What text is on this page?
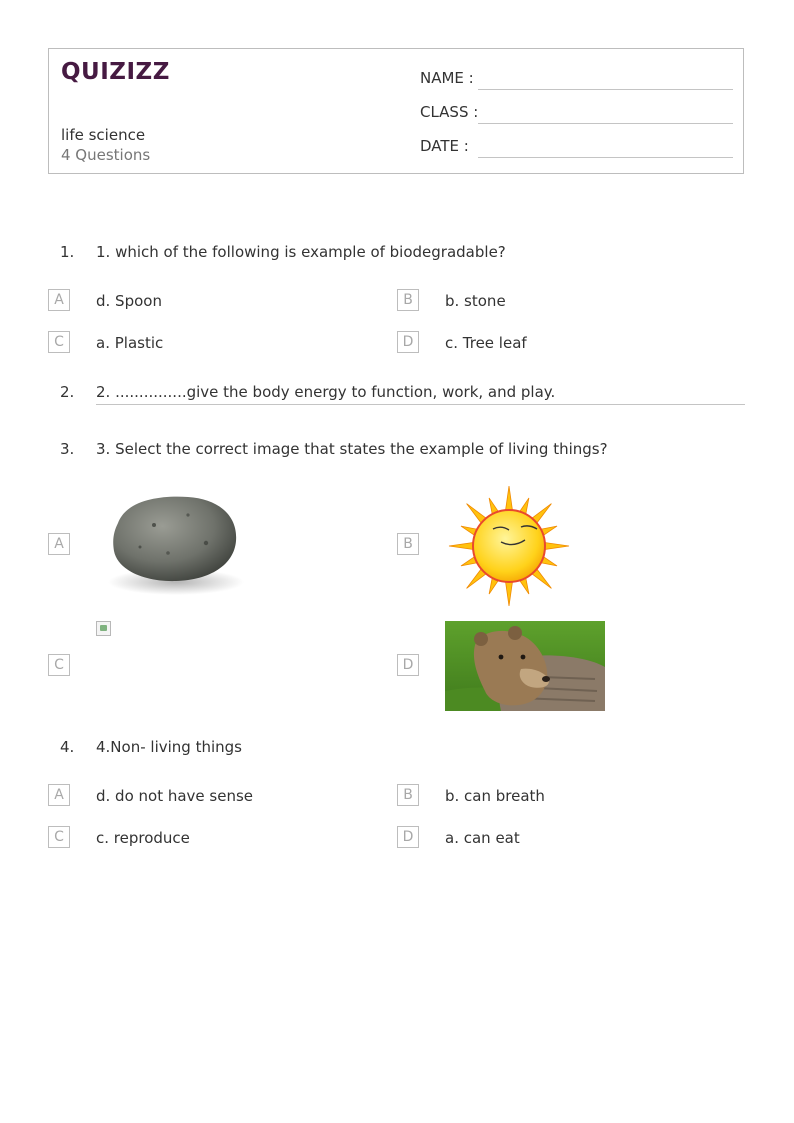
QUIZIZZ
life science
4 Questions
NAME :
CLASS :
DATE :
1. 1. which of the following is example of biodegradable?
A	d. Spoon	B	b. stone
C	a. Plastic	D	c. Tree leaf
2. 2. ...............give the body energy to function, work, and play.
3. 3. Select the correct image that states the example of living things?
A	B
C	D
4. 4.Non- living things
A	d. do not have sense	B	b. can breath
C	c. reproduce	D	a. can eat
